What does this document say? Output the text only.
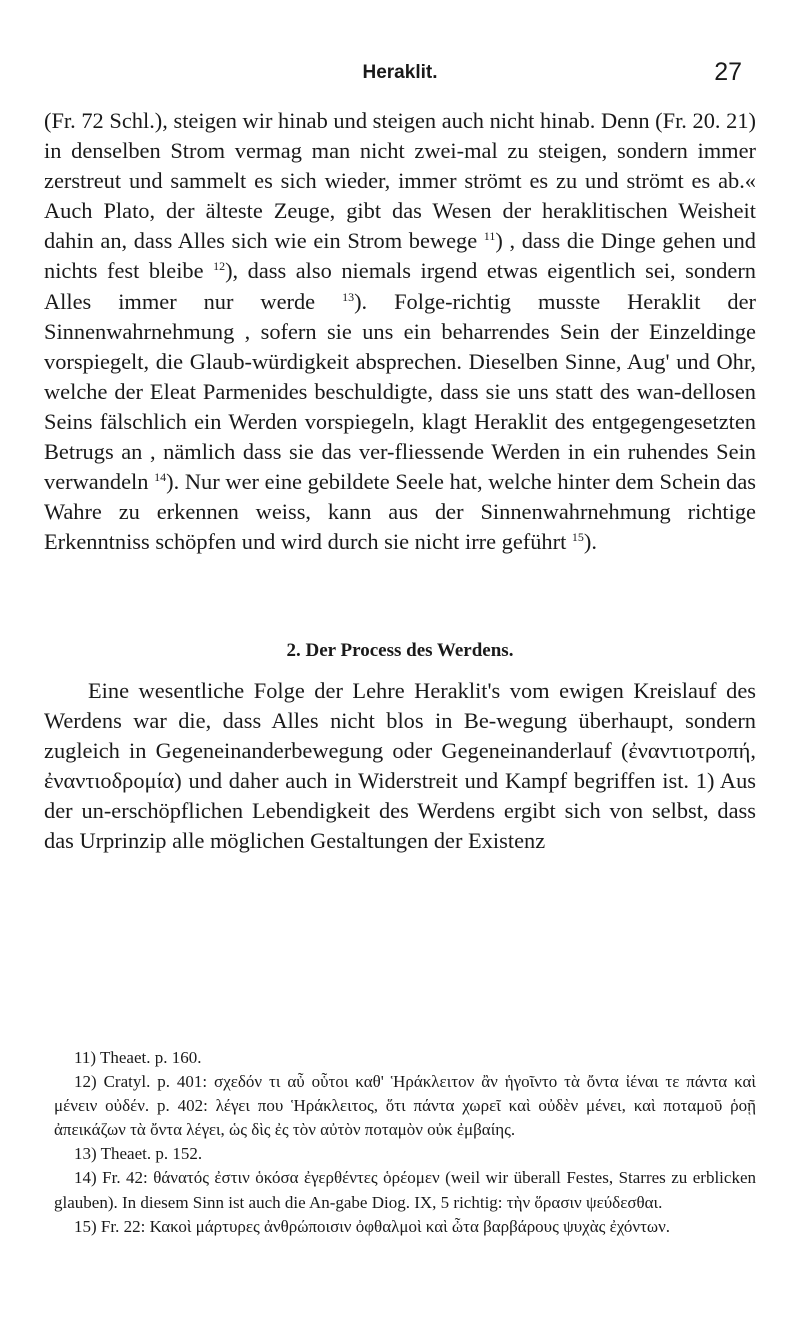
Heraklit.	27

(Fr. 72 Schl.), steigen wir hinab und steigen auch nicht hinab. Denn (Fr. 20. 21) in denselben Strom vermag man nicht zwei-mal zu steigen, sondern immer zerstreut und sammelt es sich wieder, immer strömt es zu und strömt es ab.« Auch Plato, der älteste Zeuge, gibt das Wesen der heraklitischen Weisheit dahin an, dass Alles sich wie ein Strom bewege $^{11}$) , dass die Dinge gehen und nichts fest bleibe $^{12}$), dass also niemals irgend etwas eigentlich sei, sondern Alles immer nur werde $^{13}$). Folge-richtig musste Heraklit der Sinnenwahrnehmung , sofern sie uns ein beharrendes Sein der Einzeldinge vorspiegelt, die Glaub-würdigkeit absprechen. Dieselben Sinne, Aug' und Ohr, welche der Eleat Parmenides beschuldigte, dass sie uns statt des wan-dellosen Seins fälschlich ein Werden vorspiegeln, klagt Heraklit des entgegengesetzten Betrugs an , nämlich dass sie das ver-fliessende Werden in ein ruhendes Sein verwandeln $^{14}$). Nur wer eine gebildete Seele hat, welche hinter dem Schein das Wahre zu erkennen weiss, kann aus der Sinnenwahrnehmung richtige Erkenntniss schöpfen und wird durch sie nicht irre geführt $^{15}$).

2. Der Process des Werdens.

Eine wesentliche Folge der Lehre Heraklit's vom ewigen Kreislauf des Werdens war die, dass Alles nicht blos in Be-wegung überhaupt, sondern zugleich in Gegeneinanderbewegung oder Gegeneinanderlauf (ἐναντιοτροπή, ἐναντιοδρομία) und daher auch in Widerstreit und Kampf begriffen ist. 1) Aus der un-erschöpflichen Lebendigkeit des Werdens ergibt sich von selbst, dass das Urprinzip alle möglichen Gestaltungen der Existenz

11) Theaet. p. 160.

12) Cratyl. p. 401: σχεδόν τι αὖ οὗτοι καθ' Ἡράκλειτον ἂν ἡγοῖντο τὰ ὄντα ἰέναι τε πάντα καὶ μένειν οὐδέν. p. 402: λέγει που Ἡράκλειτος, ὅτι πάντα χωρεῖ καὶ οὐδὲν μένει, καὶ ποταμοῦ ῥοῇ ἀπεικάζων τὰ ὄντα λέγει, ὡς δὶς ἐς τὸν αὐτὸν ποταμὸν οὐκ ἐμβαίης.

13) Theaet. p. 152.

14) Fr. 42: θάνατός ἐστιν ὁκόσα ἐγερθέντες ὁρέομεν (weil wir überall Festes, Starres zu erblicken glauben). In diesem Sinn ist auch die An-gabe Diog. IX, 5 richtig: τὴν ὅρασιν ψεύδεσθαι.

15) Fr. 22: Κακοὶ μάρτυρες ἀνθρώποισιν ὀφθαλμοὶ καὶ ὦτα βαρβάρους ψυχὰς ἐχόντων.
